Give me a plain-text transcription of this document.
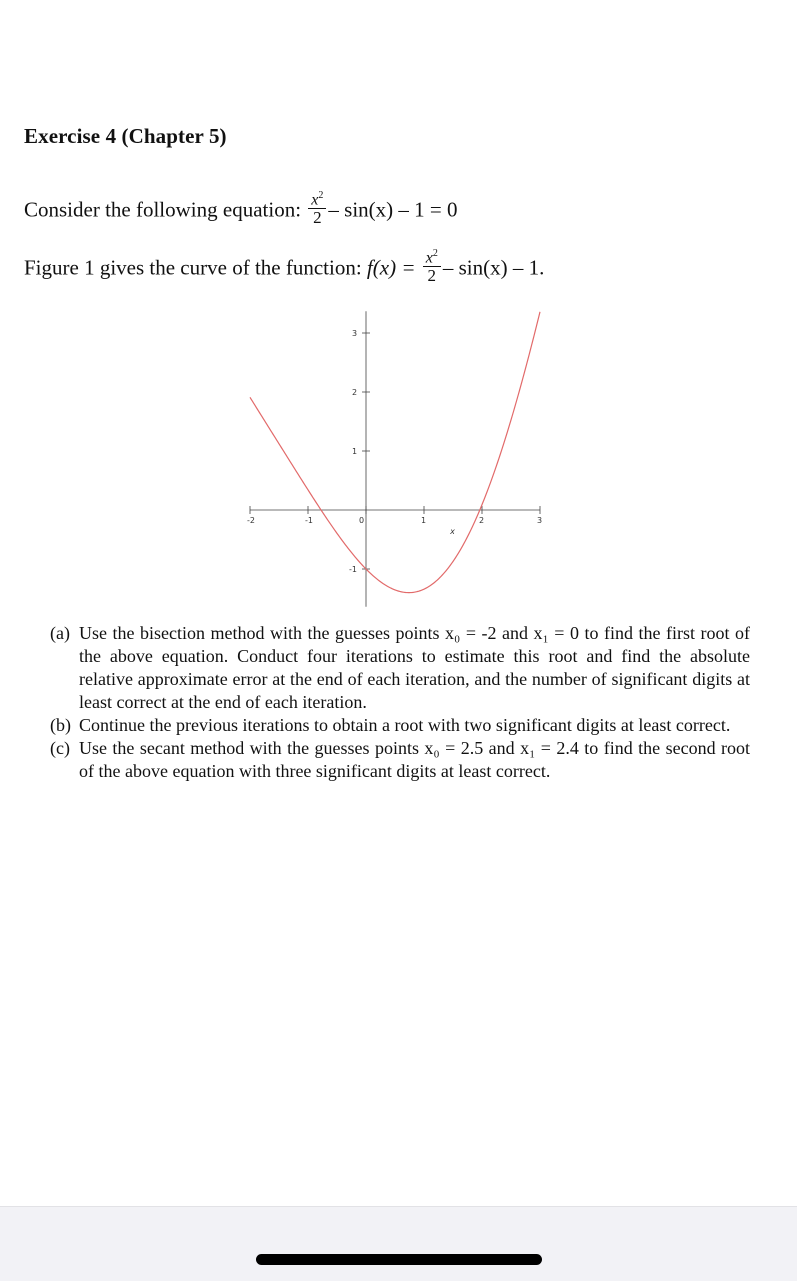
Exercise 4 (Chapter 5)
Consider the following equation: $\frac{x^2}{2} - \sin(x) - 1 = 0$
Figure 1 gives the curve of the function: $f(x) = \frac{x^2}{2} - \sin(x) - 1$.
-2	-1	0	1	2	3
3
2
1
-1
x
(a) Use the bisection method with the guesses points x₀ = -2 and x₁ = 0 to find the first root of the above equation. Conduct four iterations to estimate this root and find the absolute relative approximate error at the end of each iteration, and the number of significant digits at least correct at the end of each iteration.
(b) Continue the previous iterations to obtain a root with two significant digits at least correct.
(c) Use the secant method with the guesses points x₀ = 2.5 and x₁ = 2.4 to find the second root of the above equation with three significant digits at least correct.
